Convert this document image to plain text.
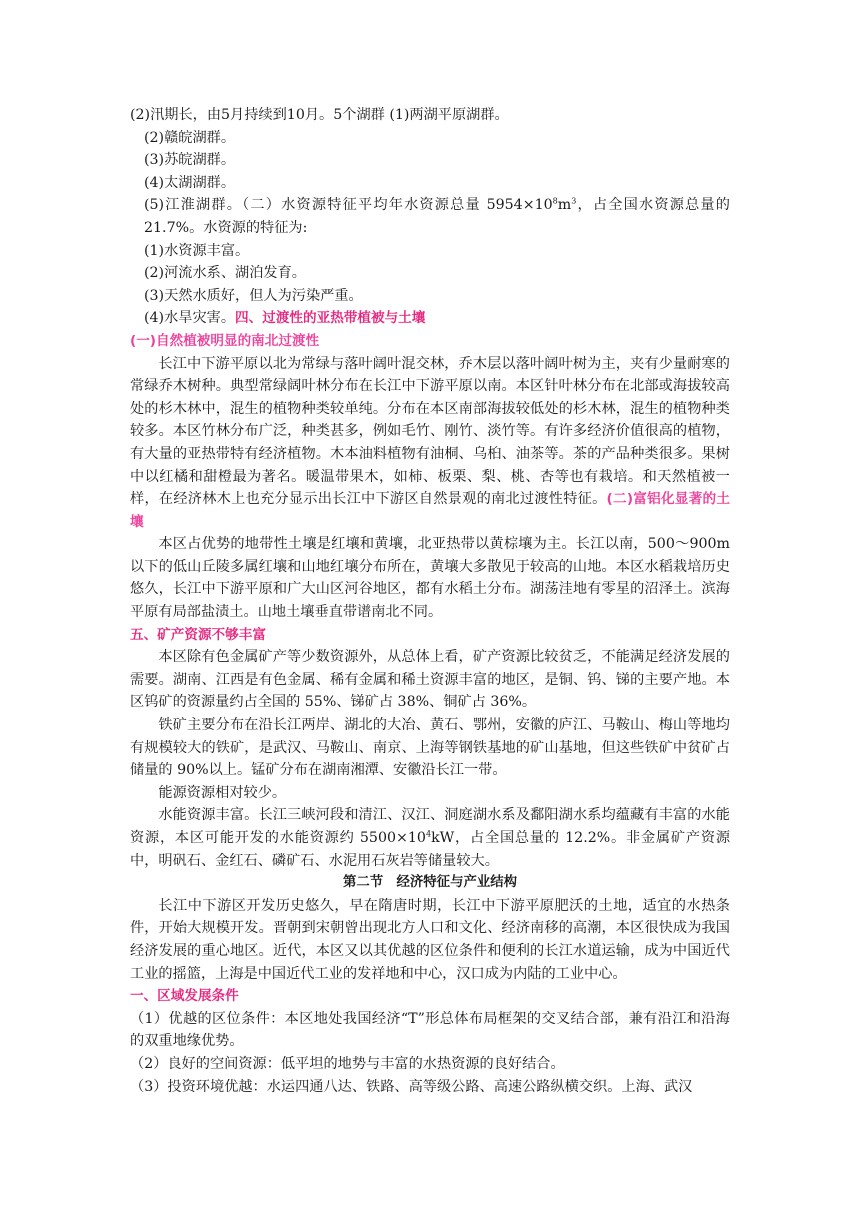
(2)汛期长，由5月持续到10月。5个湖群 (1)两湖平原湖群。

(2)赣皖湖群。

(3)苏皖湖群。

(4)太湖湖群。

(5)江淮湖群。（二）水资源特征平均年水资源总量 $5954\times 10^8m^3$，占全国水资源总量的 21.7%。水资源的特征为:

(1)水资源丰富。

(2)河流水系、湖泊发育。

(3)天然水质好，但人为污染严重。

(4)水旱灾害。四、过渡性的亚热带植被与土壤

(一)自然植被明显的南北过渡性

长江中下游平原以北为常绿与落叶阔叶混交林，乔木层以落叶阔叶树为主，夹有少量耐寒的常绿乔木树种。典型常绿阔叶林分布在长江中下游平原以南。本区针叶林分布在北部或海拔较高处的杉木林中，混生的植物种类较单纯。分布在本区南部海拔较低处的杉木林，混生的植物种类较多。本区竹林分布广泛，种类甚多，例如毛竹、刚竹、淡竹等。有许多经济价值很高的植物，有大量的亚热带特有经济植物。木本油料植物有油桐、乌桕、油茶等。茶的产品种类很多。果树中以红橘和甜橙最为著名。暖温带果木，如柿、板栗、梨、桃、杏等也有栽培。和天然植被一样，在经济林木上也充分显示出长江中下游区自然景观的南北过渡性特征。(二)富铝化显著的土壤

本区占优势的地带性土壤是红壤和黄壤，北亚热带以黄棕壤为主。长江以南，500～900m以下的低山丘陵多属红壤和山地红壤分布所在，黄壤大多散见于较高的山地。本区水稻栽培历史悠久，长江中下游平原和广大山区河谷地区，都有水稻土分布。湖荡洼地有零星的沼泽土。滨海平原有局部盐渍土。山地土壤垂直带谱南北不同。

五、矿产资源不够丰富

本区除有色金属矿产等少数资源外，从总体上看，矿产资源比较贫乏，不能满足经济发展的需要。湖南、江西是有色金属、稀有金属和稀土资源丰富的地区，是铜、钨、锑的主要产地。本区钨矿的资源量约占全国的 55%、锑矿占 38%、铜矿占 36%。

铁矿主要分布在沿长江两岸、湖北的大冶、黄石、鄂州，安徽的庐江、马鞍山、梅山等地均有规模较大的铁矿，是武汉、马鞍山、南京、上海等钢铁基地的矿山基地，但这些铁矿中贫矿占储量的 90%以上。锰矿分布在湖南湘潭、安徽沿长江一带。

能源资源相对较少。

水能资源丰富。长江三峡河段和清江、汉江、洞庭湖水系及鄱阳湖水系均蕴藏有丰富的水能资源，本区可能开发的水能资源约 $5500\times 10^4kW$，占全国总量的 12.2%。非金属矿产资源中，明矾石、金红石、磷矿石、水泥用石灰岩等储量较大。

第二节　经济特征与产业结构

长江中下游区开发历史悠久，早在隋唐时期，长江中下游平原肥沃的土地，适宜的水热条件，开始大规模开发。晋朝到宋朝曾出现北方人口和文化、经济南移的高潮，本区很快成为我国经济发展的重心地区。近代，本区又以其优越的区位条件和便利的长江水道运输，成为中国近代工业的摇篮，上海是中国近代工业的发祥地和中心，汉口成为内陆的工业中心。

一、区域发展条件

（1）优越的区位条件：本区地处我国经济“T”形总体布局框架的交叉结合部，兼有沿江和沿海的双重地缘优势。

（2）良好的空间资源：低平坦的地势与丰富的水热资源的良好结合。

（3）投资环境优越：水运四通八达、铁路、高等级公路、高速公路纵横交织。上海、武汉
